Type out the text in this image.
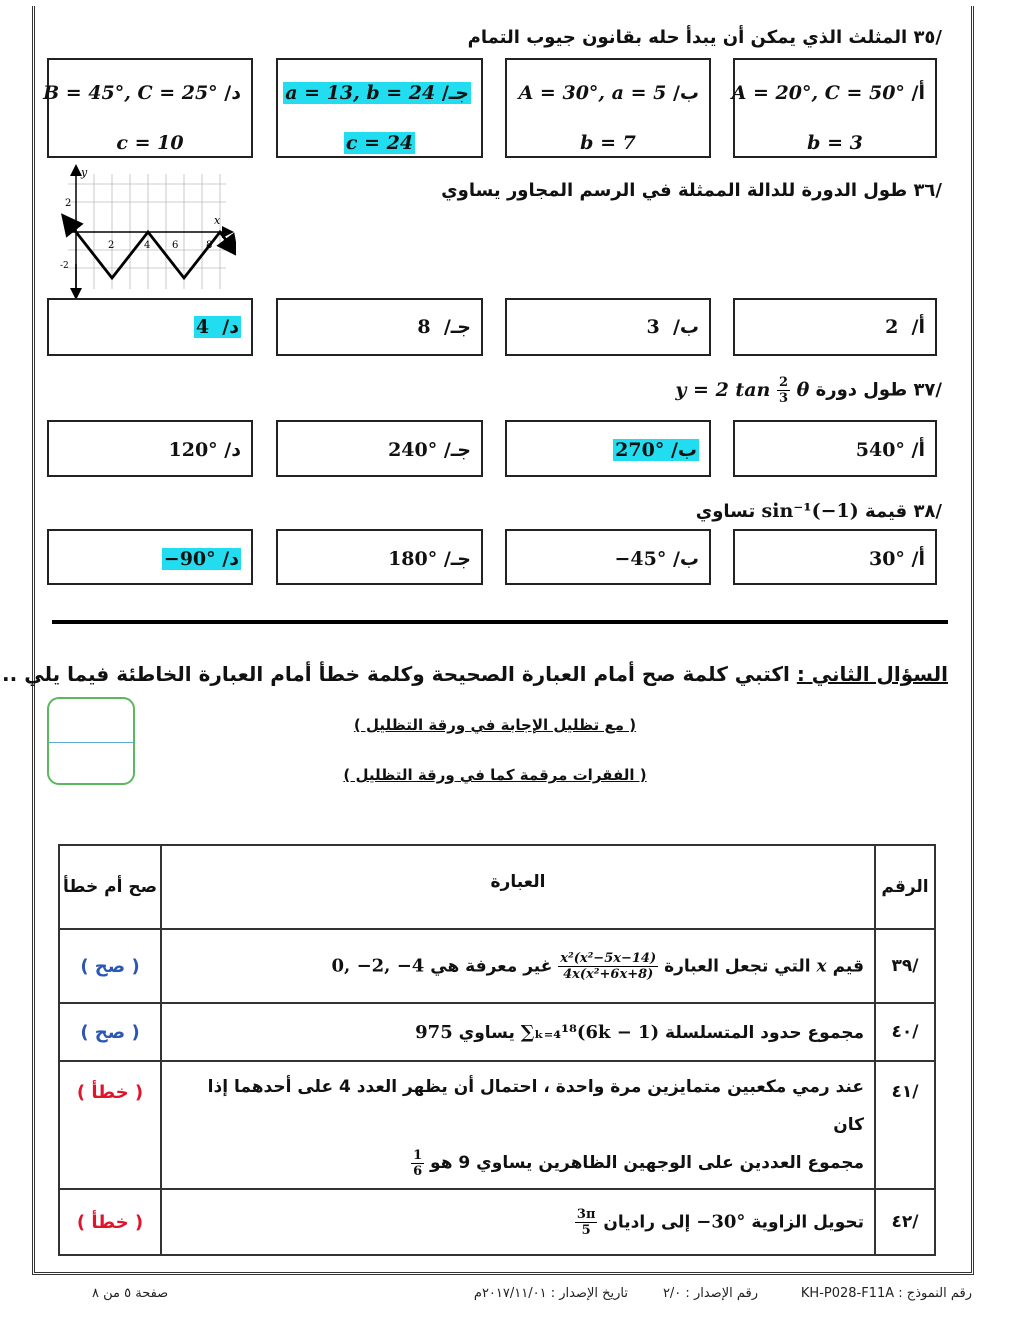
/٣٥ المثلث الذي يمكن أن يبدأ حله بقانون جيوب التمام
أ/ A = 20°, C = 50°
b = 3
ب/ A = 30°, a = 5
b = 7
جـ/ a = 13, b = 24
c = 24
د/ B = 45°, C = 25°
c = 10
/٣٦ طول الدورة للدالة الممثلة في الرسم المجاور يساوي
y
x
0
2	4 6	8
2
-2
أ/  2
ب/  3
جـ/  8
د/  4
/٣٧ طول دورة y = 2 $\tan \frac{2}{3}$ θ
أ/ 540°
ب/ 270°
جـ/ 240°
د/ 120°
/٣٨ قيمة sin⁻¹(−1) تساوي
أ/ 30°
ب/ −45°
جـ/ 180°
د/ −90°
السؤال الثاني : اكتبي كلمة صح أمام العبارة الصحيحة وكلمة خطأ أمام العبارة الخاطئة فيما يلي ..
( مع تظليل الإجابة في ورقة التظليل )
( الفقرات مرقمة كما في ورقة التظليل )
الرقم	العبارة	صح أم خطأ
/٣٩	قيم x التي تجعل العبارة
$\frac{\text{x²(x²−5x−14)}}{\text{4x(x²+6x+8)}}$
غير معرفة هي 0, −2, −4	( صح )
/٤٠	مجموع حدود المتسلسلة ∑ₖ₌₄¹⁸(6k − 1) يساوي 975	( صح )
/٤١	عند رمي مكعبين متمايزين مرة واحدة ، احتمال أن يظهر العدد 4 على أحدهما إذا كان
مجموع العددين على الوجهين الظاهرين يساوي 9 هو
$\frac{1}{6}$	( خطأ )
/٤٢	تحويل الزاوية −30° إلى راديان
$\frac{3\pi}{5}$	( خطأ )
رقم النموذج : KH-P028-F11A
رقم الإصدار : ٢/٠
تاريخ الإصدار : ٢٠١٧/١١/٠١م
صفحة ٥ من ٨
